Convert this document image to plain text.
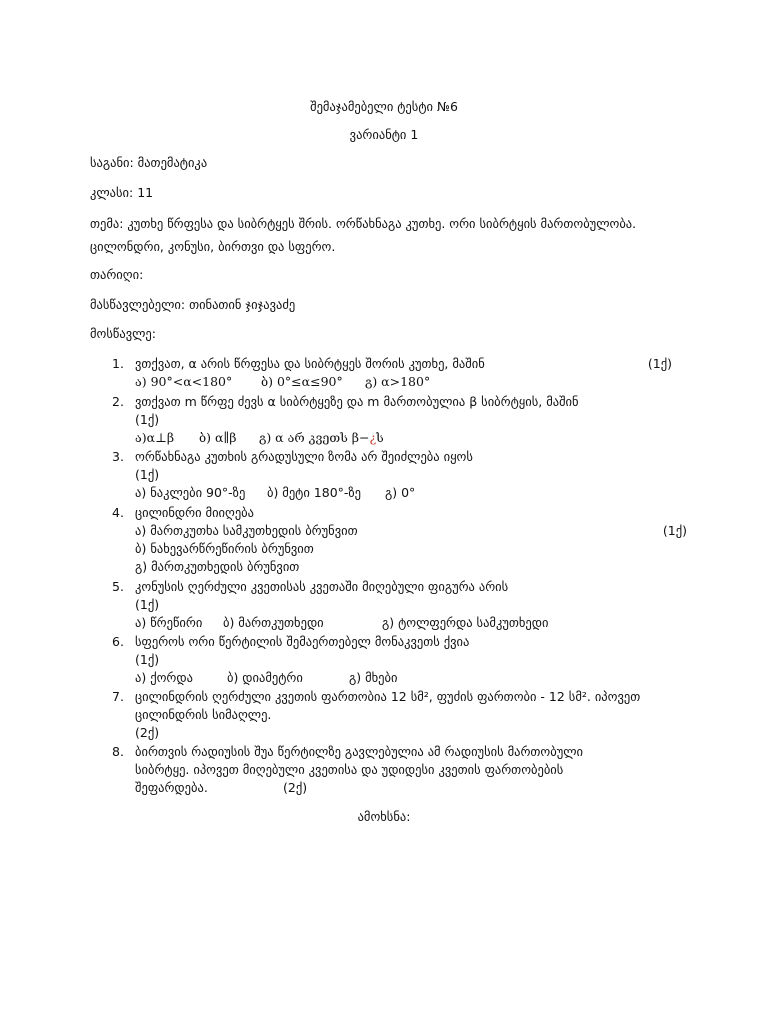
შემაჯამებელი ტესტი №6
ვარიანტი 1
საგანი: მათემატიკა
კლასი: 11
თემა: კუთხე წრფესა და სიბრტყეს შრის. ორწახნაგა კუთხე. ორი სიბრტყის მართობულობა.
ცილონდრი, კონუსი, ბირთვი და სფერო.
თარიღი:
მასწავლებელი: თინათინ ჯიჯავაძე
მოსწავლე:
1. ვთქვათ, α არის წრფესა და სიბრტყეს შორის კუთხე, მაშინ	(1ქ)
ა) 90°<α<180° ბ) 0°≤α≤90° გ) α>180°
2. ვთქვათ m წრფე ძევს α სიბრტყეზე და m მართობულია β სიბრტყის, მაშინ
(1ქ)
ა)α⊥β ბ) α∥β გ) α არ კვეთს β−¿ს
3. ორწახნაგა კუთხის გრადუსული ზომა არ შეიძლება იყოს
(1ქ)
ა) ნაკლები 90°-ზე ბ) მეტი 180°-ზე გ) 0°
4. ცილინდრი მიიღება
ა) მართკუთხა სამკუთხედის ბრუნვით	(1ქ)
ბ) ნახევარწრეწირის ბრუნვით
გ) მართკუთხედის ბრუნვით
5. კონუსის ღერძული კვეთისას კვეთაში მიღებული ფიგურა არის
(1ქ)
ა) წრეწირი ბ) მართკუთხედი	გ) ტოლფერდა სამკუთხედი
6. სფეროს ორი წერტილის შემაერთებელ მონაკვეთს ქვია
(1ქ)
ა) ქორდა	ბ) დიამეტრი	გ) მხები
7. ცილინდრის ღერძული კვეთის ფართობია 12 სმ², ფუძის ფართობი - 12 სმ². იპოვეთ
ცილინდრის სიმაღლე.
(2ქ)
8. ბირთვის რადიუსის შუა წერტილზე გავლებულია ამ რადიუსის მართობული
სიბრტყე. იპოვეთ მიღებული კვეთისა და უდიდესი კვეთის ფართობების
შეფარდება.	(2ქ)
ამოხსნა:
